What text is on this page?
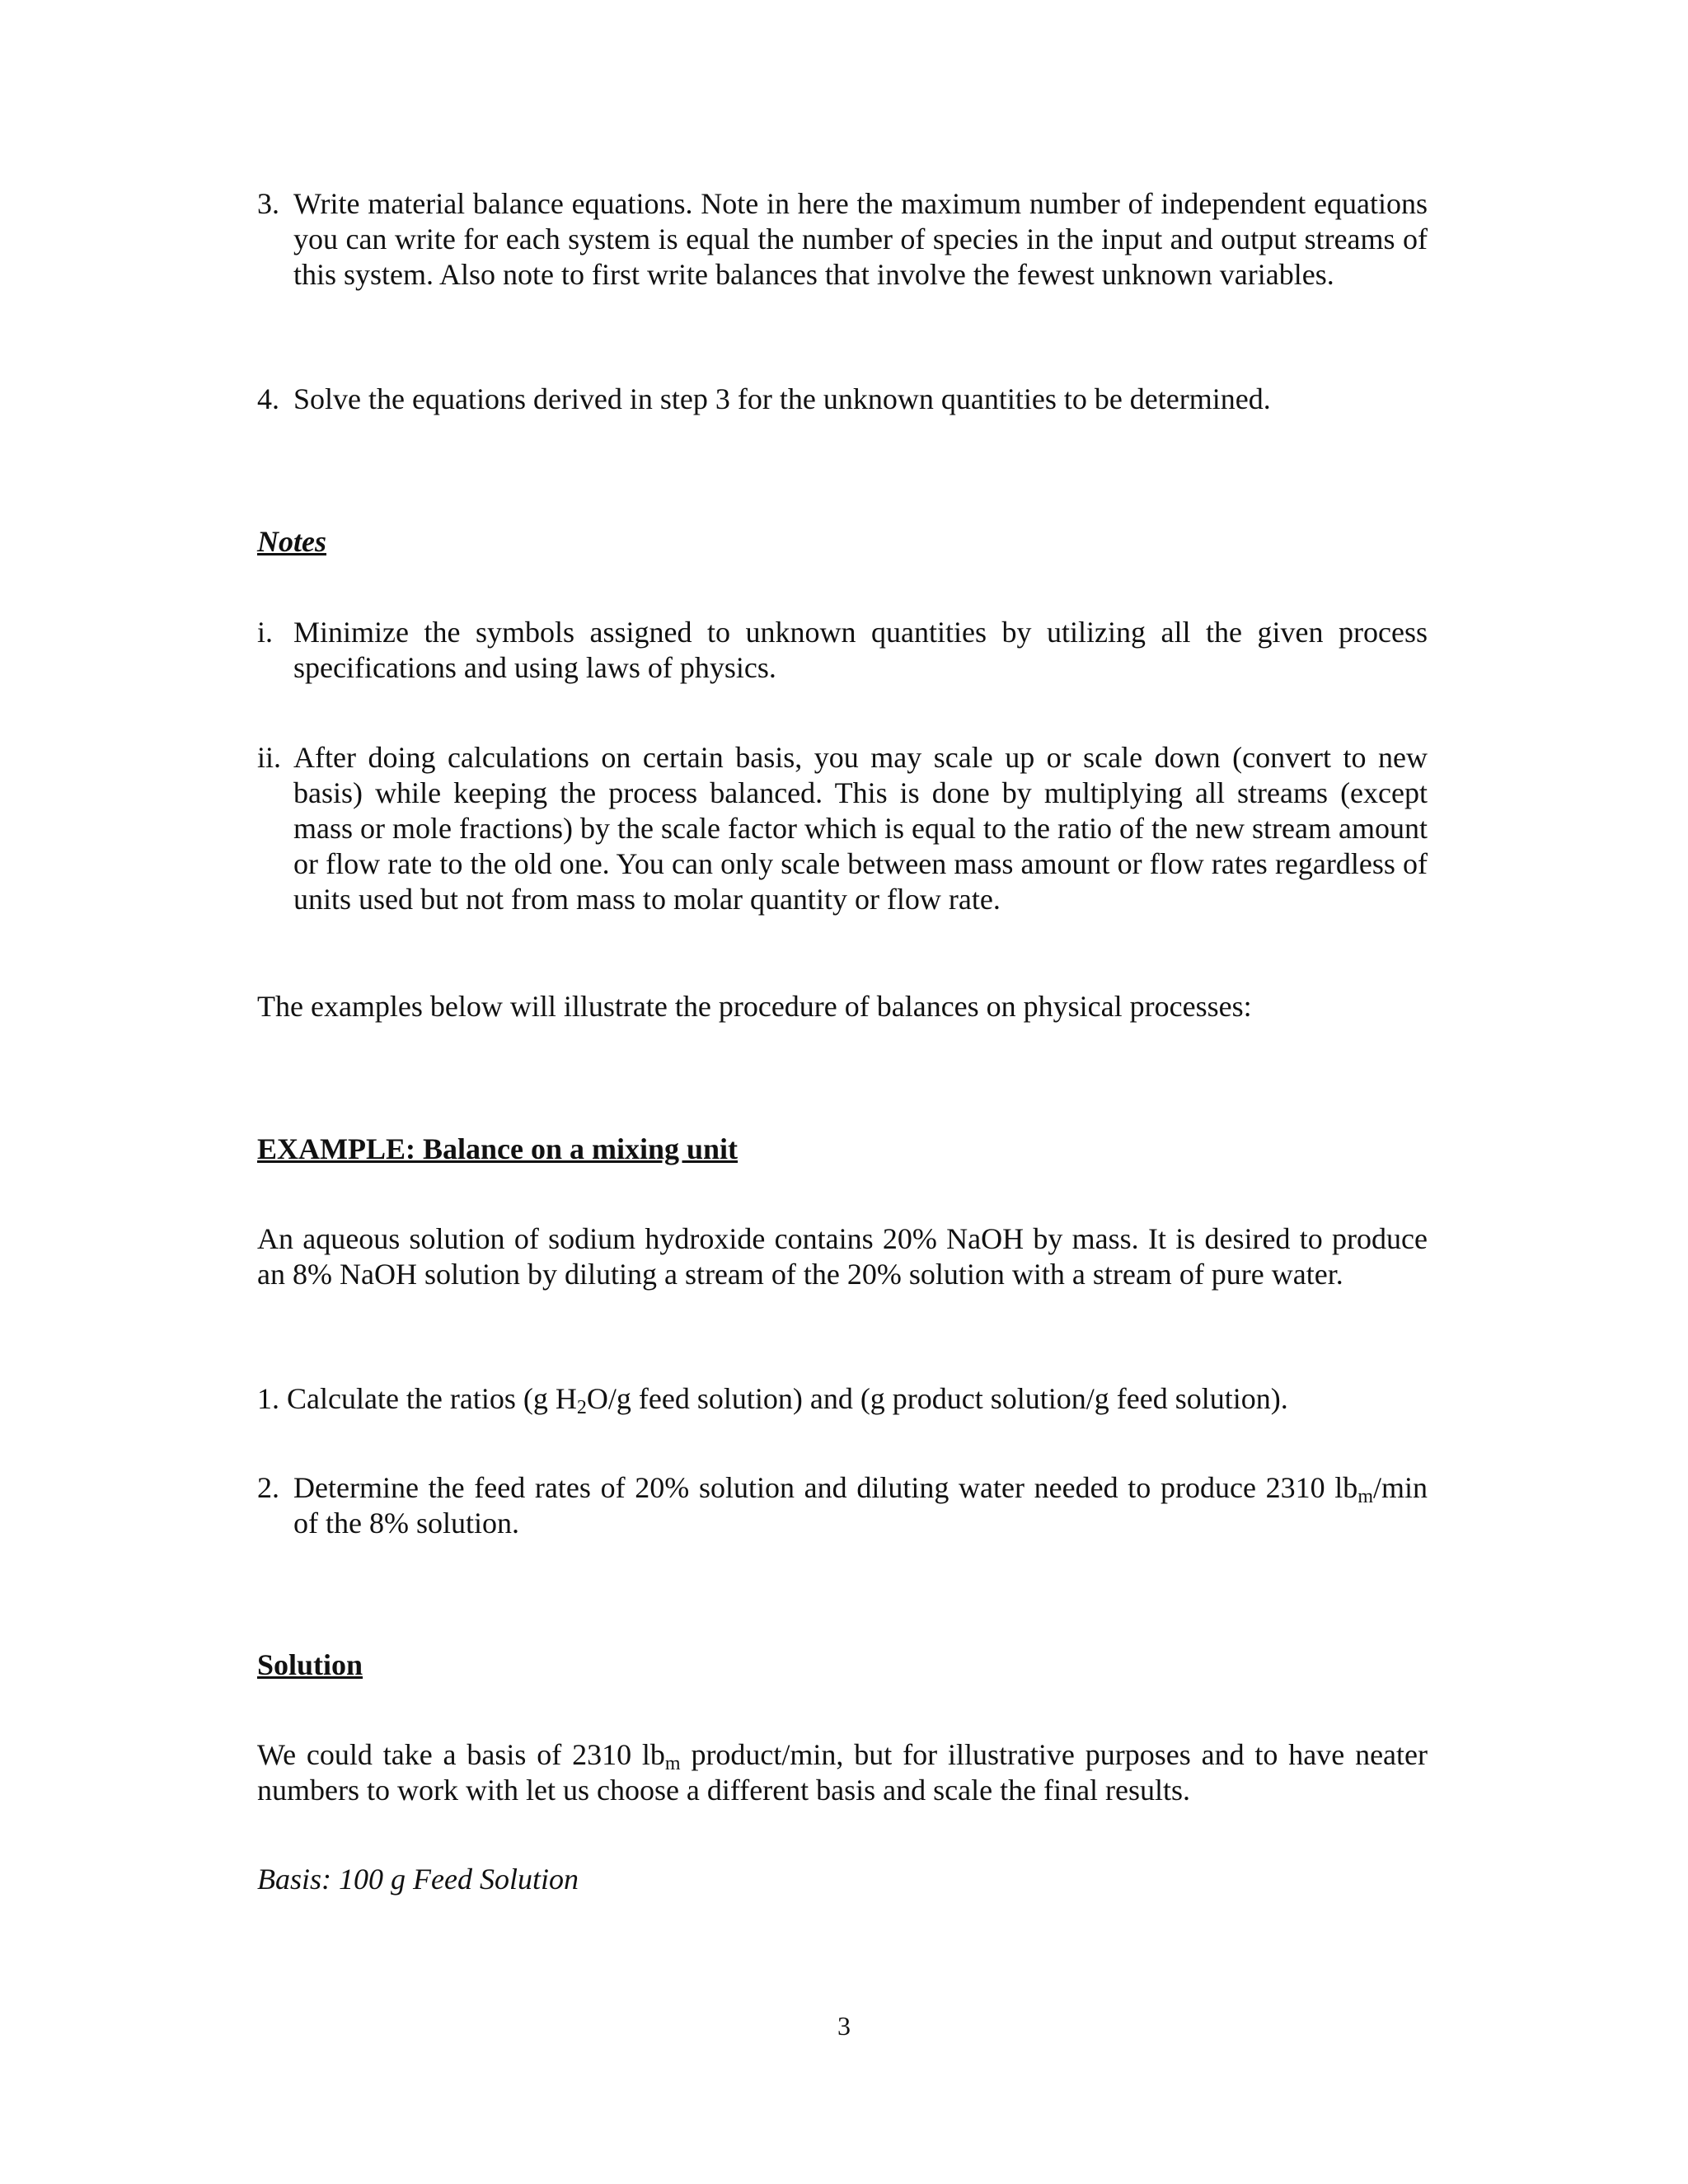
3. Write material balance equations. Note in here the maximum number of independent equations you can write for each system is equal the number of species in the input and output streams of this system. Also note to first write balances that involve the fewest unknown variables.
4. Solve the equations derived in step 3 for the unknown quantities to be determined.
Notes
i. Minimize the symbols assigned to unknown quantities by utilizing all the given process specifications and using laws of physics.
ii. After doing calculations on certain basis, you may scale up or scale down (convert to new basis) while keeping the process balanced. This is done by multiplying all streams (except mass or mole fractions) by the scale factor which is equal to the ratio of the new stream amount or flow rate to the old one. You can only scale between mass amount or flow rates regardless of units used but not from mass to molar quantity or flow rate.
The examples below will illustrate the procedure of balances on physical processes:
EXAMPLE: Balance on a mixing unit
An aqueous solution of sodium hydroxide contains 20% NaOH by mass. It is desired to produce an 8% NaOH solution by diluting a stream of the 20% solution with a stream of pure water.
1. Calculate the ratios (g $H_2O/g$ feed solution) and (g product solution/g feed solution).
2. Determine the feed rates of 20% solution and diluting water needed to produce 2310 $lb_m/\min$ of the 8% solution.
Solution
We could take a basis of 2310 $lb_m$ product/min, but for illustrative purposes and to have neater numbers to work with let us choose a different basis and scale the final results.
Basis: 100 g Feed Solution
3
